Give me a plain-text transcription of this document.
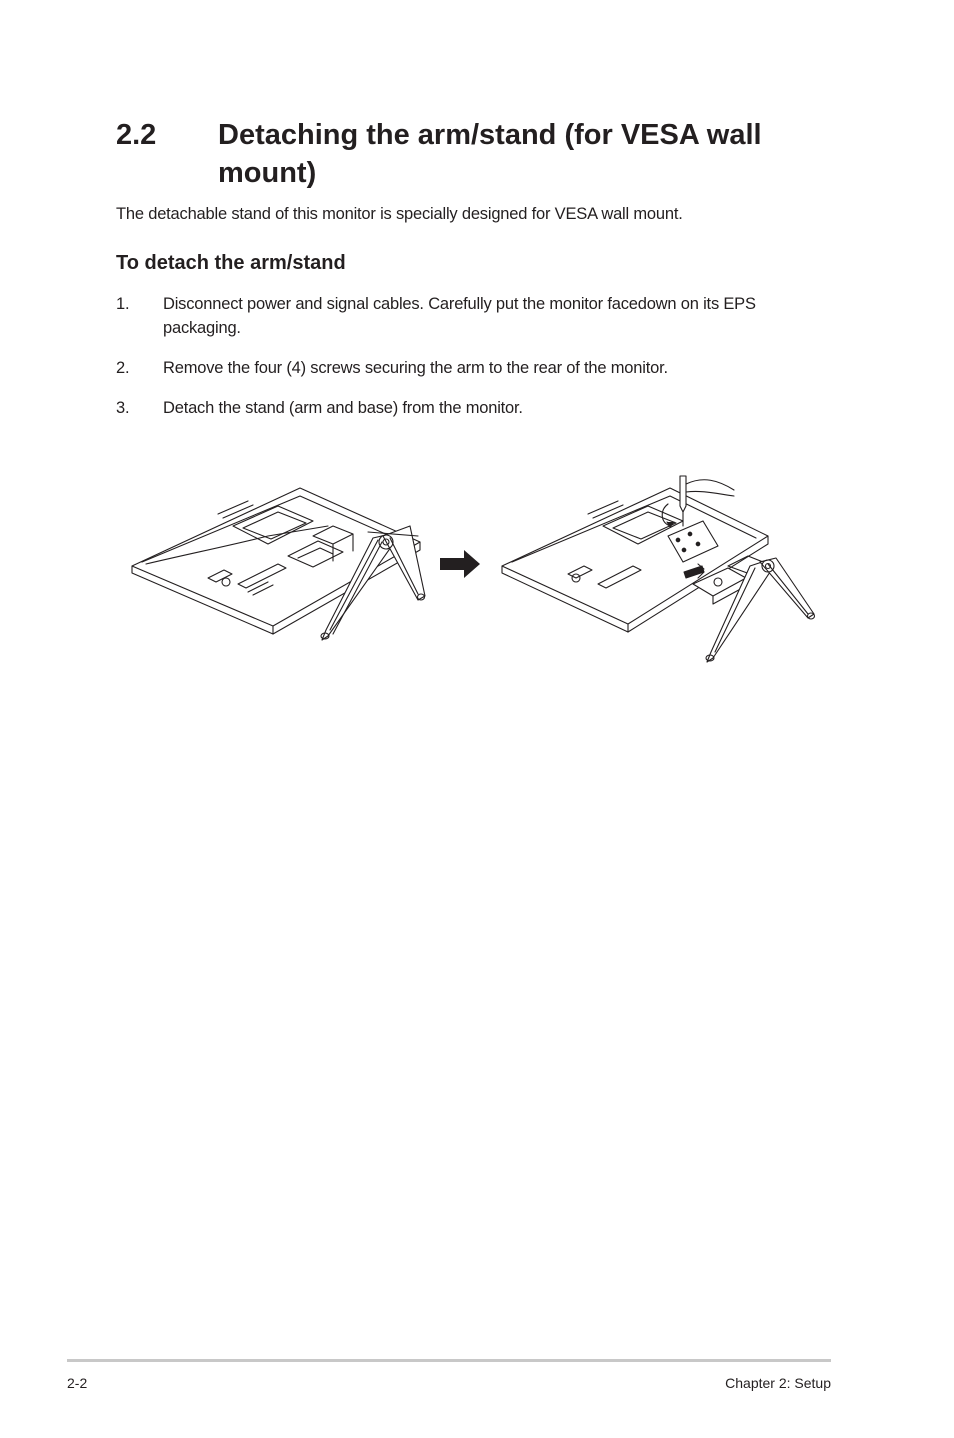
2.2 Detaching the arm/stand (for VESA wall mount)

The detachable stand of this monitor is specially designed for VESA wall mount.

To detach the arm/stand
1. Disconnect power and signal cables. Carefully put the monitor facedown on its EPS packaging.
2. Remove the four (4) screws securing the arm to the rear of the monitor.
3. Detach the stand (arm and base) from the monitor.
2-2	Chapter 2: Setup
